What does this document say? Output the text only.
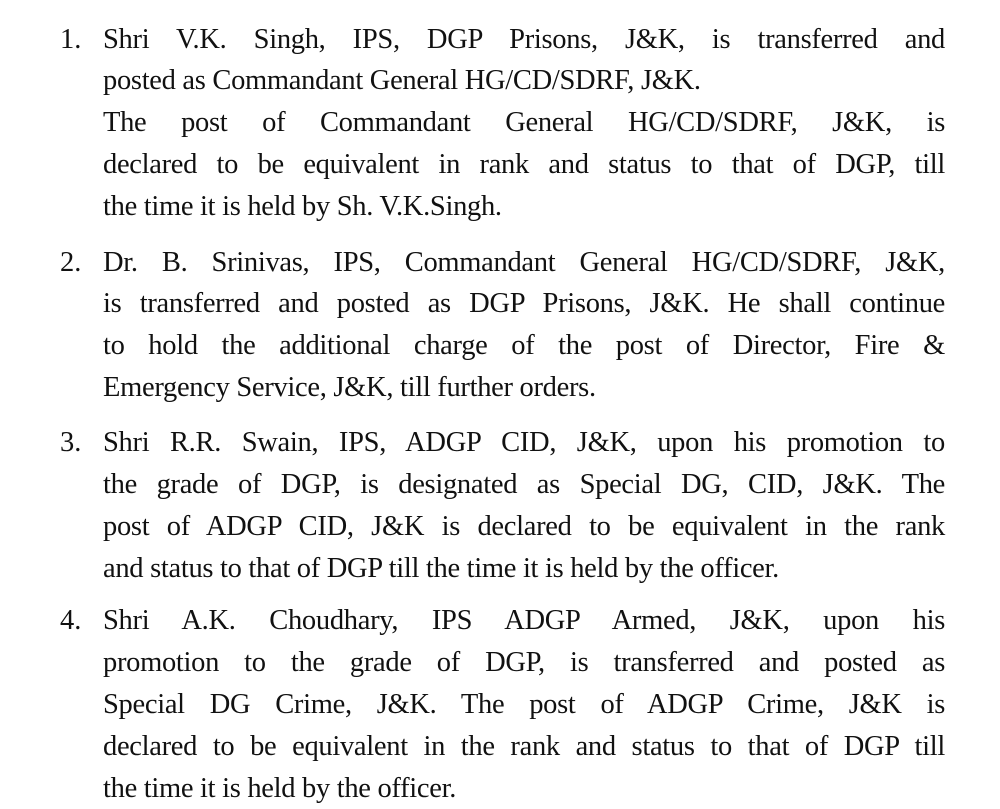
1. Shri V.K. Singh, IPS, DGP Prisons, J&K, is transferred and
posted as Commandant General HG/CD/SDRF, J&K.
The post of Commandant General HG/CD/SDRF, J&K, is
declared to be equivalent in rank and status to that of DGP, till
the time it is held by Sh. V.K.Singh.
2. Dr. B. Srinivas, IPS, Commandant General HG/CD/SDRF, J&K,
is transferred and posted as DGP Prisons, J&K. He shall continue
to hold the additional charge of the post of Director, Fire &
Emergency Service, J&K, till further orders.
3. Shri R.R. Swain, IPS, ADGP CID, J&K, upon his promotion to
the grade of DGP, is designated as Special DG, CID, J&K. The
post of ADGP CID, J&K is declared to be equivalent in the rank
and status to that of DGP till the time it is held by the officer.
4. Shri A.K. Choudhary, IPS ADGP Armed, J&K, upon his
promotion to the grade of DGP, is transferred and posted as
Special DG Crime, J&K. The post of ADGP Crime, J&K is
declared to be equivalent in the rank and status to that of DGP till
the time it is held by the officer.
